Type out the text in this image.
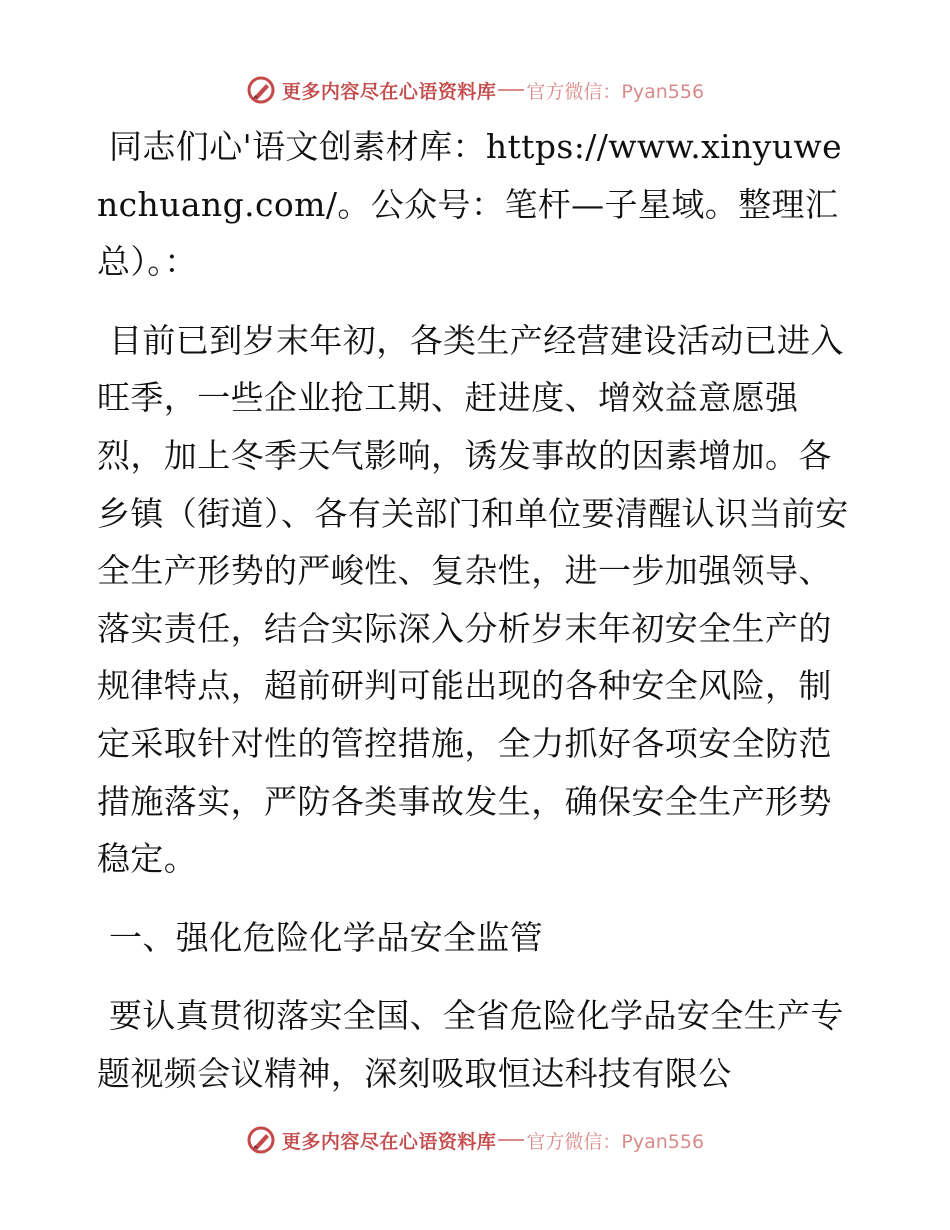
更多内容尽在心语资料库 官方微信：Pyan556

同志们心'语文创素材库：https://www.xinyuwenchuang.com/。公众号：笔杆—子星域。整理汇总）。：

目前已到岁末年初，各类生产经营建设活动已进入旺季，一些企业抢工期、赶进度、增效益意愿强烈，加上冬季天气影响，诱发事故的因素增加。各乡镇（街道）、各有关部门和单位要清醒认识当前安全生产形势的严峻性、复杂性，进一步加强领导、落实责任，结合实际深入分析岁末年初安全生产的规律特点，超前研判可能出现的各种安全风险，制定采取针对性的管控措施，全力抓好各项安全防范措施落实，严防各类事故发生，确保安全生产形势稳定。

一、强化危险化学品安全监管

要认真贯彻落实全国、全省危险化学品安全生产专题视频会议精神，深刻吸取恒达科技有限公

更多内容尽在心语资料库 官方微信：Pyan556
